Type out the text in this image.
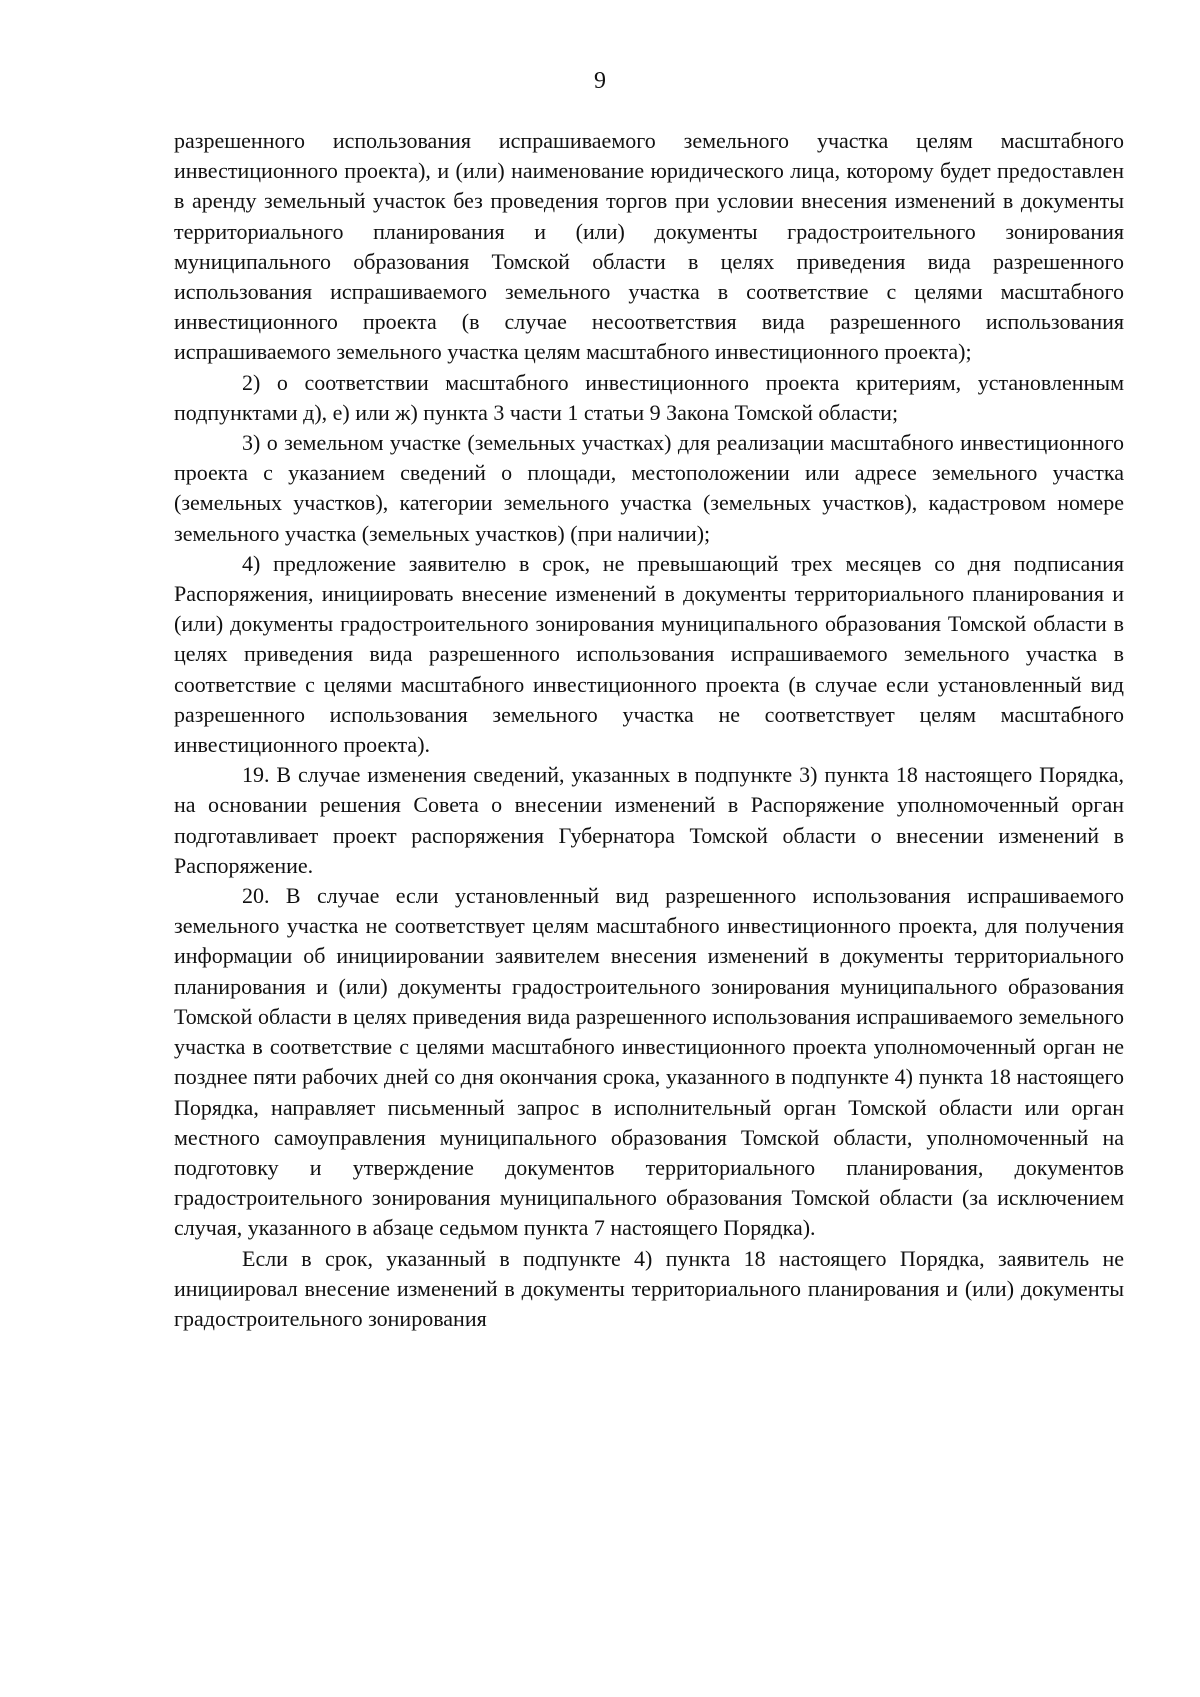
9

разрешенного использования испрашиваемого земельного участка целям масштабного инвестиционного проекта), и (или) наименование юридического лица, которому будет предоставлен в аренду земельный участок без проведения торгов при условии внесения изменений в документы территориального планирования и (или) документы градостроительного зонирования муниципального образования Томской области в целях приведения вида разрешенного использования испрашиваемого земельного участка в соответствие с целями масштабного инвестиционного проекта (в случае несоответствия вида разрешенного использования испрашиваемого земельного участка целям масштабного инвестиционного проекта);

2) о соответствии масштабного инвестиционного проекта критериям, установленным подпунктами д), е) или ж) пункта 3 части 1 статьи 9 Закона Томской области;

3) о земельном участке (земельных участках) для реализации масштабного инвестиционного проекта с указанием сведений о площади, местоположении или адресе земельного участка (земельных участков), категории земельного участка (земельных участков), кадастровом номере земельного участка (земельных участков) (при наличии);

4) предложение заявителю в срок, не превышающий трех месяцев со дня подписания Распоряжения, инициировать внесение изменений в документы территориального планирования и (или) документы градостроительного зонирования муниципального образования Томской области в целях приведения вида разрешенного использования испрашиваемого земельного участка в соответствие с целями масштабного инвестиционного проекта (в случае если установленный вид разрешенного использования земельного участка не соответствует целям масштабного инвестиционного проекта).

19. В случае изменения сведений, указанных в подпункте 3) пункта 18 настоящего Порядка, на основании решения Совета о внесении изменений в Распоряжение уполномоченный орган подготавливает проект распоряжения Губернатора Томской области о внесении изменений в Распоряжение.

20. В случае если установленный вид разрешенного использования испрашиваемого земельного участка не соответствует целям масштабного инвестиционного проекта, для получения информации об инициировании заявителем внесения изменений в документы территориального планирования и (или) документы градостроительного зонирования муниципального образования Томской области в целях приведения вида разрешенного использования испрашиваемого земельного участка в соответствие с целями масштабного инвестиционного проекта уполномоченный орган не позднее пяти рабочих дней со дня окончания срока, указанного в подпункте 4) пункта 18 настоящего Порядка, направляет письменный запрос в исполнительный орган Томской области или орган местного самоуправления муниципального образования Томской области, уполномоченный на подготовку и утверждение документов территориального планирования, документов градостроительного зонирования муниципального образования Томской области (за исключением случая, указанного в абзаце седьмом пункта 7 настоящего Порядка).

Если в срок, указанный в подпункте 4) пункта 18 настоящего Порядка, заявитель не инициировал внесение изменений в документы территориального планирования и (или) документы градостроительного зонирования
